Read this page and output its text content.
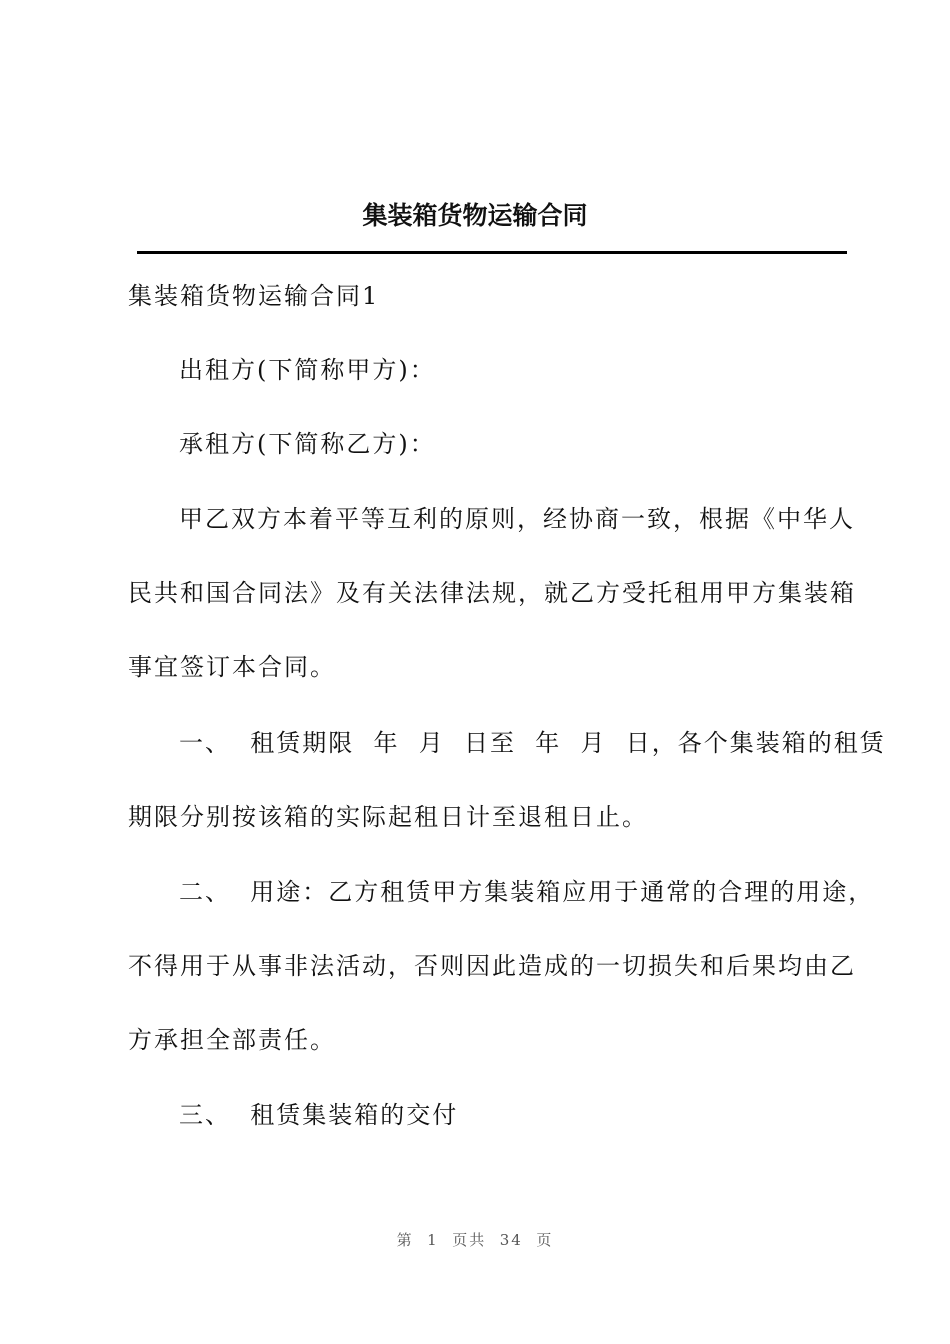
集装箱货物运输合同
集装箱货物运输合同1
出租方(下简称甲方)：
承租方(下简称乙方)：
甲乙双方本着平等互利的原则，经协商一致，根据《中华人
民共和国合同法》及有关法律法规，就乙方受托租用甲方集装箱
事宜签订本合同。
一、  租赁期限  年  月  日至  年  月  日，各个集装箱的租赁
期限分别按该箱的实际起租日计至退租日止。
二、  用途：乙方租赁甲方集装箱应用于通常的合理的用途，
不得用于从事非法活动，否则因此造成的一切损失和后果均由乙
方承担全部责任。
三、  租赁集装箱的交付
第  1  页共  34  页
